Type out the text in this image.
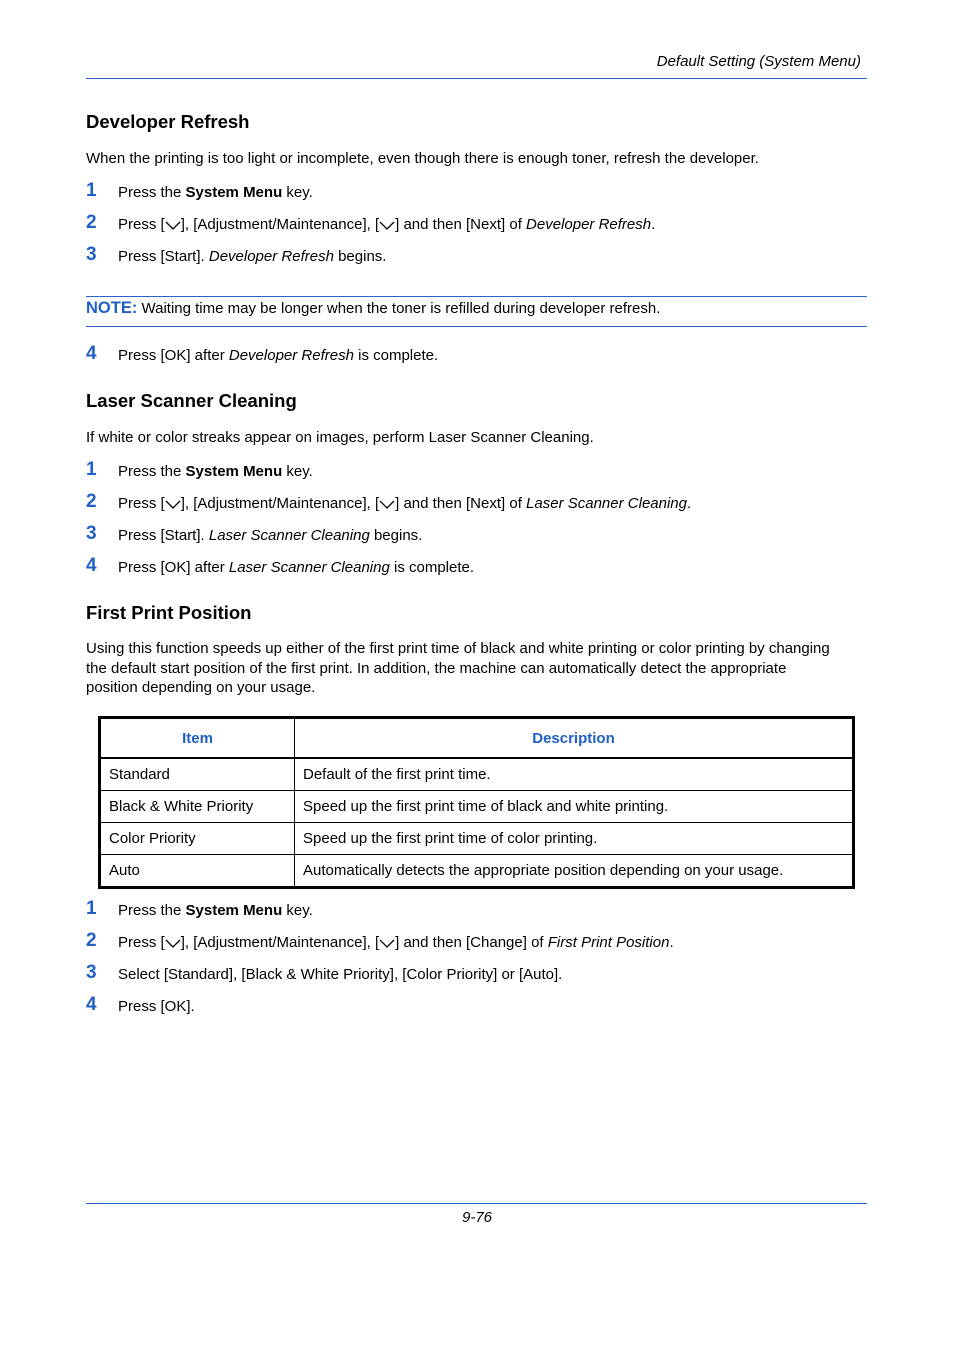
Default Setting (System Menu)
Developer Refresh
When the printing is too light or incomplete, even though there is enough toner, refresh the developer.
1 Press the System Menu key.
2 Press [ ], [Adjustment/Maintenance], [ ] and then [Next] of Developer Refresh.
3 Press [Start]. Developer Refresh begins.
NOTE: Waiting time may be longer when the toner is refilled during developer refresh.
4 Press [OK] after Developer Refresh is complete.
Laser Scanner Cleaning
If white or color streaks appear on images, perform Laser Scanner Cleaning.
1 Press the System Menu key.
2 Press [ ], [Adjustment/Maintenance], [ ] and then [Next] of Laser Scanner Cleaning.
3 Press [Start]. Laser Scanner Cleaning begins.
4 Press [OK] after Laser Scanner Cleaning is complete.
First Print Position
Using this function speeds up either of the first print time of black and white printing or color printing by changing
the default start position of the first print. In addition, the machine can automatically detect the appropriate
position depending on your usage.
Item	Description
Standard	Default of the first print time.
Black & White Priority	Speed up the first print time of black and white printing.
Color Priority	Speed up the first print time of color printing.
Auto	Automatically detects the appropriate position depending on your usage.
1 Press the System Menu key.
2 Press [ ], [Adjustment/Maintenance], [ ] and then [Change] of First Print Position.
3 Select [Standard], [Black & White Priority], [Color Priority] or [Auto].
4 Press [OK].
9-76
